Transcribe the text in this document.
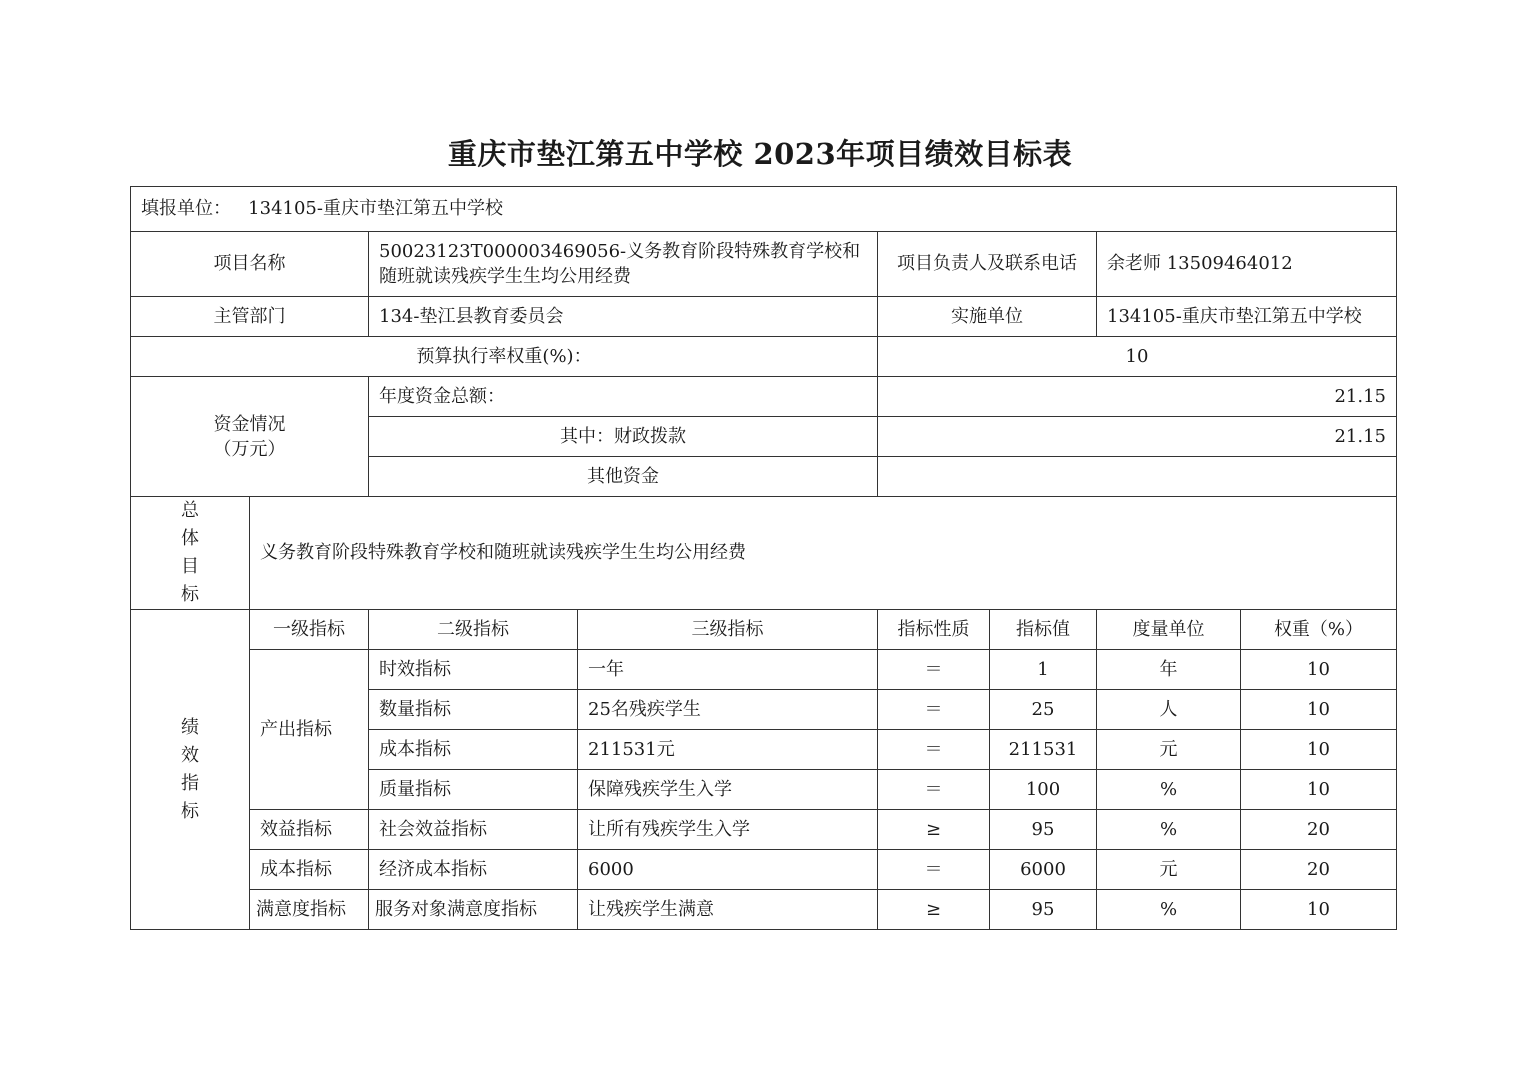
重庆市垫江第五中学校 2023年项目绩效目标表

填报单位： 134105-重庆市垫江第五中学校							
项目名称		50023123T000003469056-义务教育阶段特殊教育学校和随班就读残疾学生生均公用经费		项目负责人及联系电话		余老师 13509464012	
主管部门		134-垫江县教育委员会		实施单位		134105-重庆市垫江第五中学校	
预算执行率权重(%)：				10			
资金情况
（万元）		年度资金总额：		21.15			
		其中：财政拨款		21.15			
		其他资金					

总
体
目
标	义务教育阶段特殊教育学校和随班就读残疾学生生均公用经费						

绩
效
指
标	一级指标	二级指标	三级指标	指标性质	指标值	度量单位	权重（%）
	产出指标	时效指标	一年	＝	1	年	10
		数量指标	25名残疾学生	＝	25	人	10
		成本指标	211531元	＝	211531	元	10
		质量指标	保障残疾学生入学	＝	100	%	10
	效益指标	社会效益指标	让所有残疾学生入学	≥	95	%	20
	成本指标	经济成本指标	6000	＝	6000	元	20
	满意度指标	服务对象满意度指标	让残疾学生满意	≥	95	%	10
